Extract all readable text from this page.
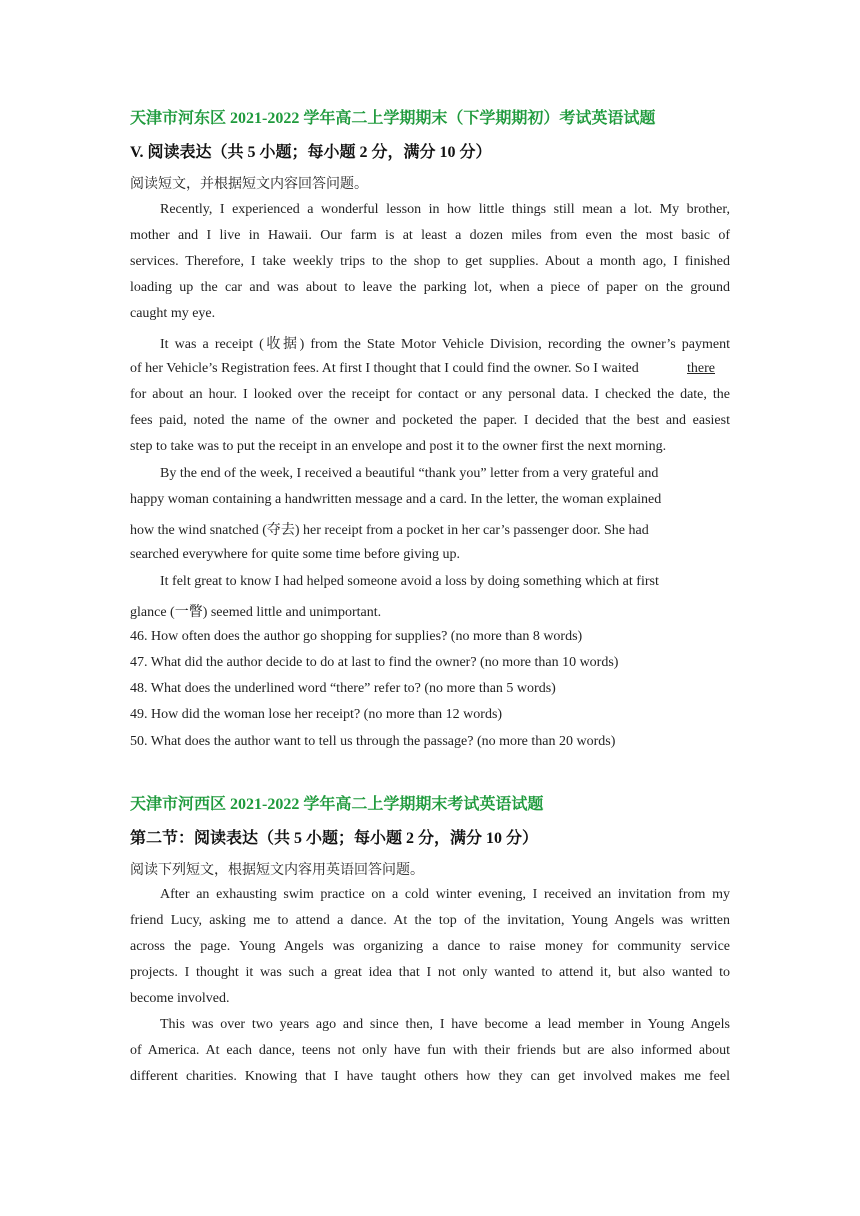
天津市河东区 2021-2022 学年高二上学期期末（下学期期初）考试英语试题
V. 阅读表达（共 5 小题；每小题 2 分，满分 10 分）
阅读短文，并根据短文内容回答问题。
Recently, I experienced a wonderful lesson in how little things still mean a lot. My brother,
mother and I live in Hawaii. Our farm is at least a dozen miles from even the most basic of
services. Therefore, I take weekly trips to the shop to get supplies. About a month ago, I finished
loading up the car and was about to leave the parking lot, when a piece of paper on the ground
caught my eye.
It was a receipt (收据) from the State Motor Vehicle Division, recording the owner’s payment
of her Vehicle’s Registration fees. At first I thought that I could find the owner. So I waited	there
for about an hour. I looked over the receipt for contact or any personal data. I checked the date, the
fees paid, noted the name of the owner and pocketed the paper. I decided that the best and easiest
step to take was to put the receipt in an envelope and post it to the owner first the next morning.
By the end of the week, I received a beautiful “thank you” letter from a very grateful and
happy woman containing a handwritten message and a card. In the letter, the woman explained
how the wind snatched (夺去) her receipt from a pocket in her car’s passenger door. She had
searched everywhere for quite some time before giving up.
It felt great to know I had helped someone avoid a loss by doing something which at first
glance (一瞥) seemed little and unimportant.
46. How often does the author go shopping for supplies? (no more than 8 words)
47. What did the author decide to do at last to find the owner? (no more than 10 words)
48. What does the underlined word “there” refer to? (no more than 5 words)
49. How did the woman lose her receipt? (no more than 12 words)
50. What does the author want to tell us through the passage? (no more than 20 words)
天津市河西区 2021-2022 学年高二上学期期末考试英语试题
第二节：阅读表达（共 5 小题；每小题 2 分，满分 10 分）
阅读下列短文，根据短文内容用英语回答问题。
After an exhausting swim practice on a cold winter evening, I received an invitation from my
friend Lucy, asking me to attend a dance. At the top of the invitation, Young Angels was written
across the page. Young Angels was organizing a dance to raise money for community service
projects. I thought it was such a great idea that I not only wanted to attend it, but also wanted to
become involved.
This was over two years ago and since then, I have become a lead member in Young Angels
of America. At each dance, teens not only have fun with their friends but are also informed about
different charities. Knowing that I have taught others how they can get involved makes me feel
